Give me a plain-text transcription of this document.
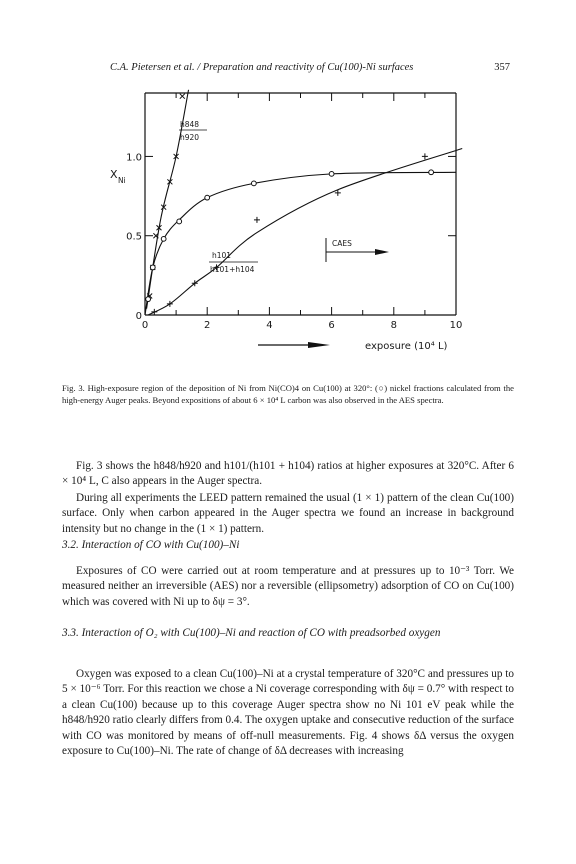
C.A. Pietersen et al. / Preparation and reactivity of Cu(100)-Ni surfaces	357
0	2	4	6	8	10
0
0.5
1.0
X Ni
h848
h920
h101
h101+h104
CAES
exposure (10⁴ L)
Fig. 3. High-exposure region of the deposition of Ni from Ni(CO)4 on Cu(100) at 320°: (○) nickel fractions calculated from the high-energy Auger peaks. Beyond expositions of about 6 × 10⁴ L carbon was also observed in the AES spectra.

Fig. 3 shows the h848/h920 and h101/(h101 + h104) ratios at higher exposures at 320°C. After 6 × 10⁴ L, C also appears in the Auger spectra.

During all experiments the LEED pattern remained the usual (1 × 1) pattern of the clean Cu(100) surface. Only when carbon appeared in the Auger spectra we found an increase in background intensity but no change in the (1 × 1) pattern.

3.2. Interaction of CO with Cu(100)–Ni

Exposures of CO were carried out at room temperature and at pressures up to 10⁻³ Torr. We measured neither an irreversible (AES) nor a reversible (ellipsometry) adsorption of CO on Cu(100) which was covered with Ni up to δψ = 3°.

3.3. Interaction of O₂ with Cu(100)–Ni and reaction of CO with preadsorbed oxygen

Oxygen was exposed to a clean Cu(100)–Ni at a crystal temperature of 320°C and pressures up to 5 × 10⁻⁶ Torr. For this reaction we chose a Ni coverage corresponding with δψ = 0.7° with respect to a clean Cu(100) because up to this coverage Auger spectra show no Ni 101 eV peak while the h848/h920 ratio clearly differs from 0.4. The oxygen uptake and consecutive reduction of the surface with CO was monitored by means of off-null measurements. Fig. 4 shows δΔ versus the oxygen exposure to Cu(100)–Ni. The rate of change of δΔ decreases with increasing
